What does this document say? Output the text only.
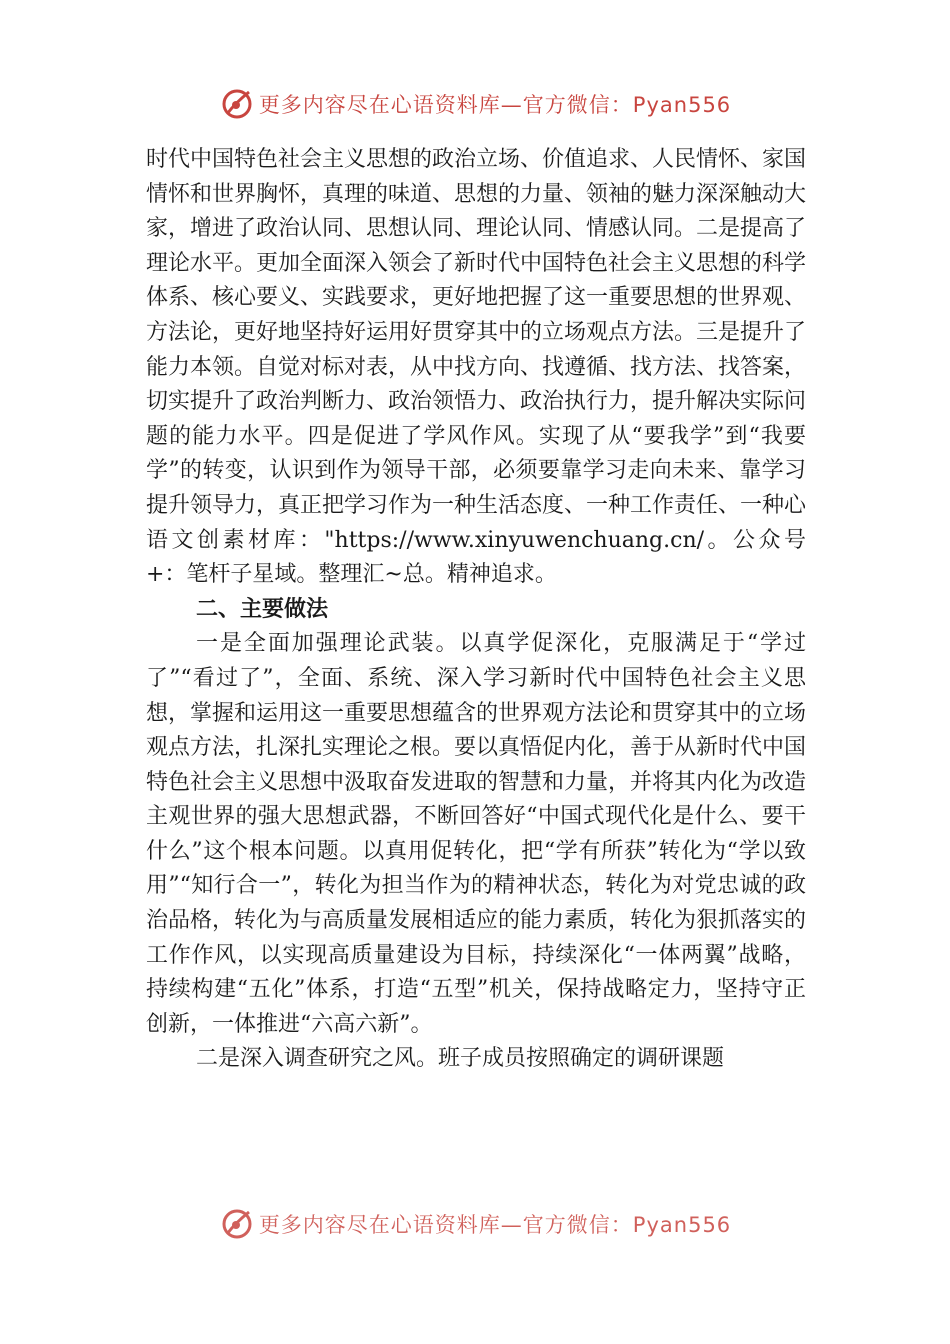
更多内容尽在心语资料库—官方微信：Pyan556

时代中国特色社会主义思想的政治立场、价值追求、人民情怀、家国情怀和世界胸怀，真理的味道、思想的力量、领袖的魅力深深触动大家，增进了政治认同、思想认同、理论认同、情感认同。二是提高了理论水平。更加全面深入领会了新时代中国特色社会主义思想的科学体系、核心要义、实践要求，更好地把握了这一重要思想的世界观、方法论，更好地坚持好运用好贯穿其中的立场观点方法。三是提升了能力本领。自觉对标对表，从中找方向、找遵循、找方法、找答案，切实提升了政治判断力、政治领悟力、政治执行力，提升解决实际问题的能力水平。四是促进了学风作风。实现了从“要我学”到“我要学”的转变，认识到作为领导干部，必须要靠学习走向未来、靠学习提升领导力，真正把学习作为一种生活态度、一种工作责任、一种心语文创素材库："https://www.xinyuwenchuang.cn/。公众号+：笔杆子星域。整理汇~总。精神追求。

二、主要做法

一是全面加强理论武装。以真学促深化，克服满足于“学过了”“看过了”，全面、系统、深入学习新时代中国特色社会主义思想，掌握和运用这一重要思想蕴含的世界观方法论和贯穿其中的立场观点方法，扎深扎实理论之根。要以真悟促内化，善于从新时代中国特色社会主义思想中汲取奋发进取的智慧和力量，并将其内化为改造主观世界的强大思想武器，不断回答好“中国式现代化是什么、要干什么”这个根本问题。以真用促转化，把“学有所获”转化为“学以致用”“知行合一”，转化为担当作为的精神状态，转化为对党忠诚的政治品格，转化为与高质量发展相适应的能力素质，转化为狠抓落实的工作作风，以实现高质量建设为目标，持续深化“一体两翼”战略，持续构建“五化”体系，打造“五型”机关，保持战略定力，坚持守正创新，一体推进“六高六新”。

二是深入调查研究之风。班子成员按照确定的调研课题

更多内容尽在心语资料库—官方微信：Pyan556
